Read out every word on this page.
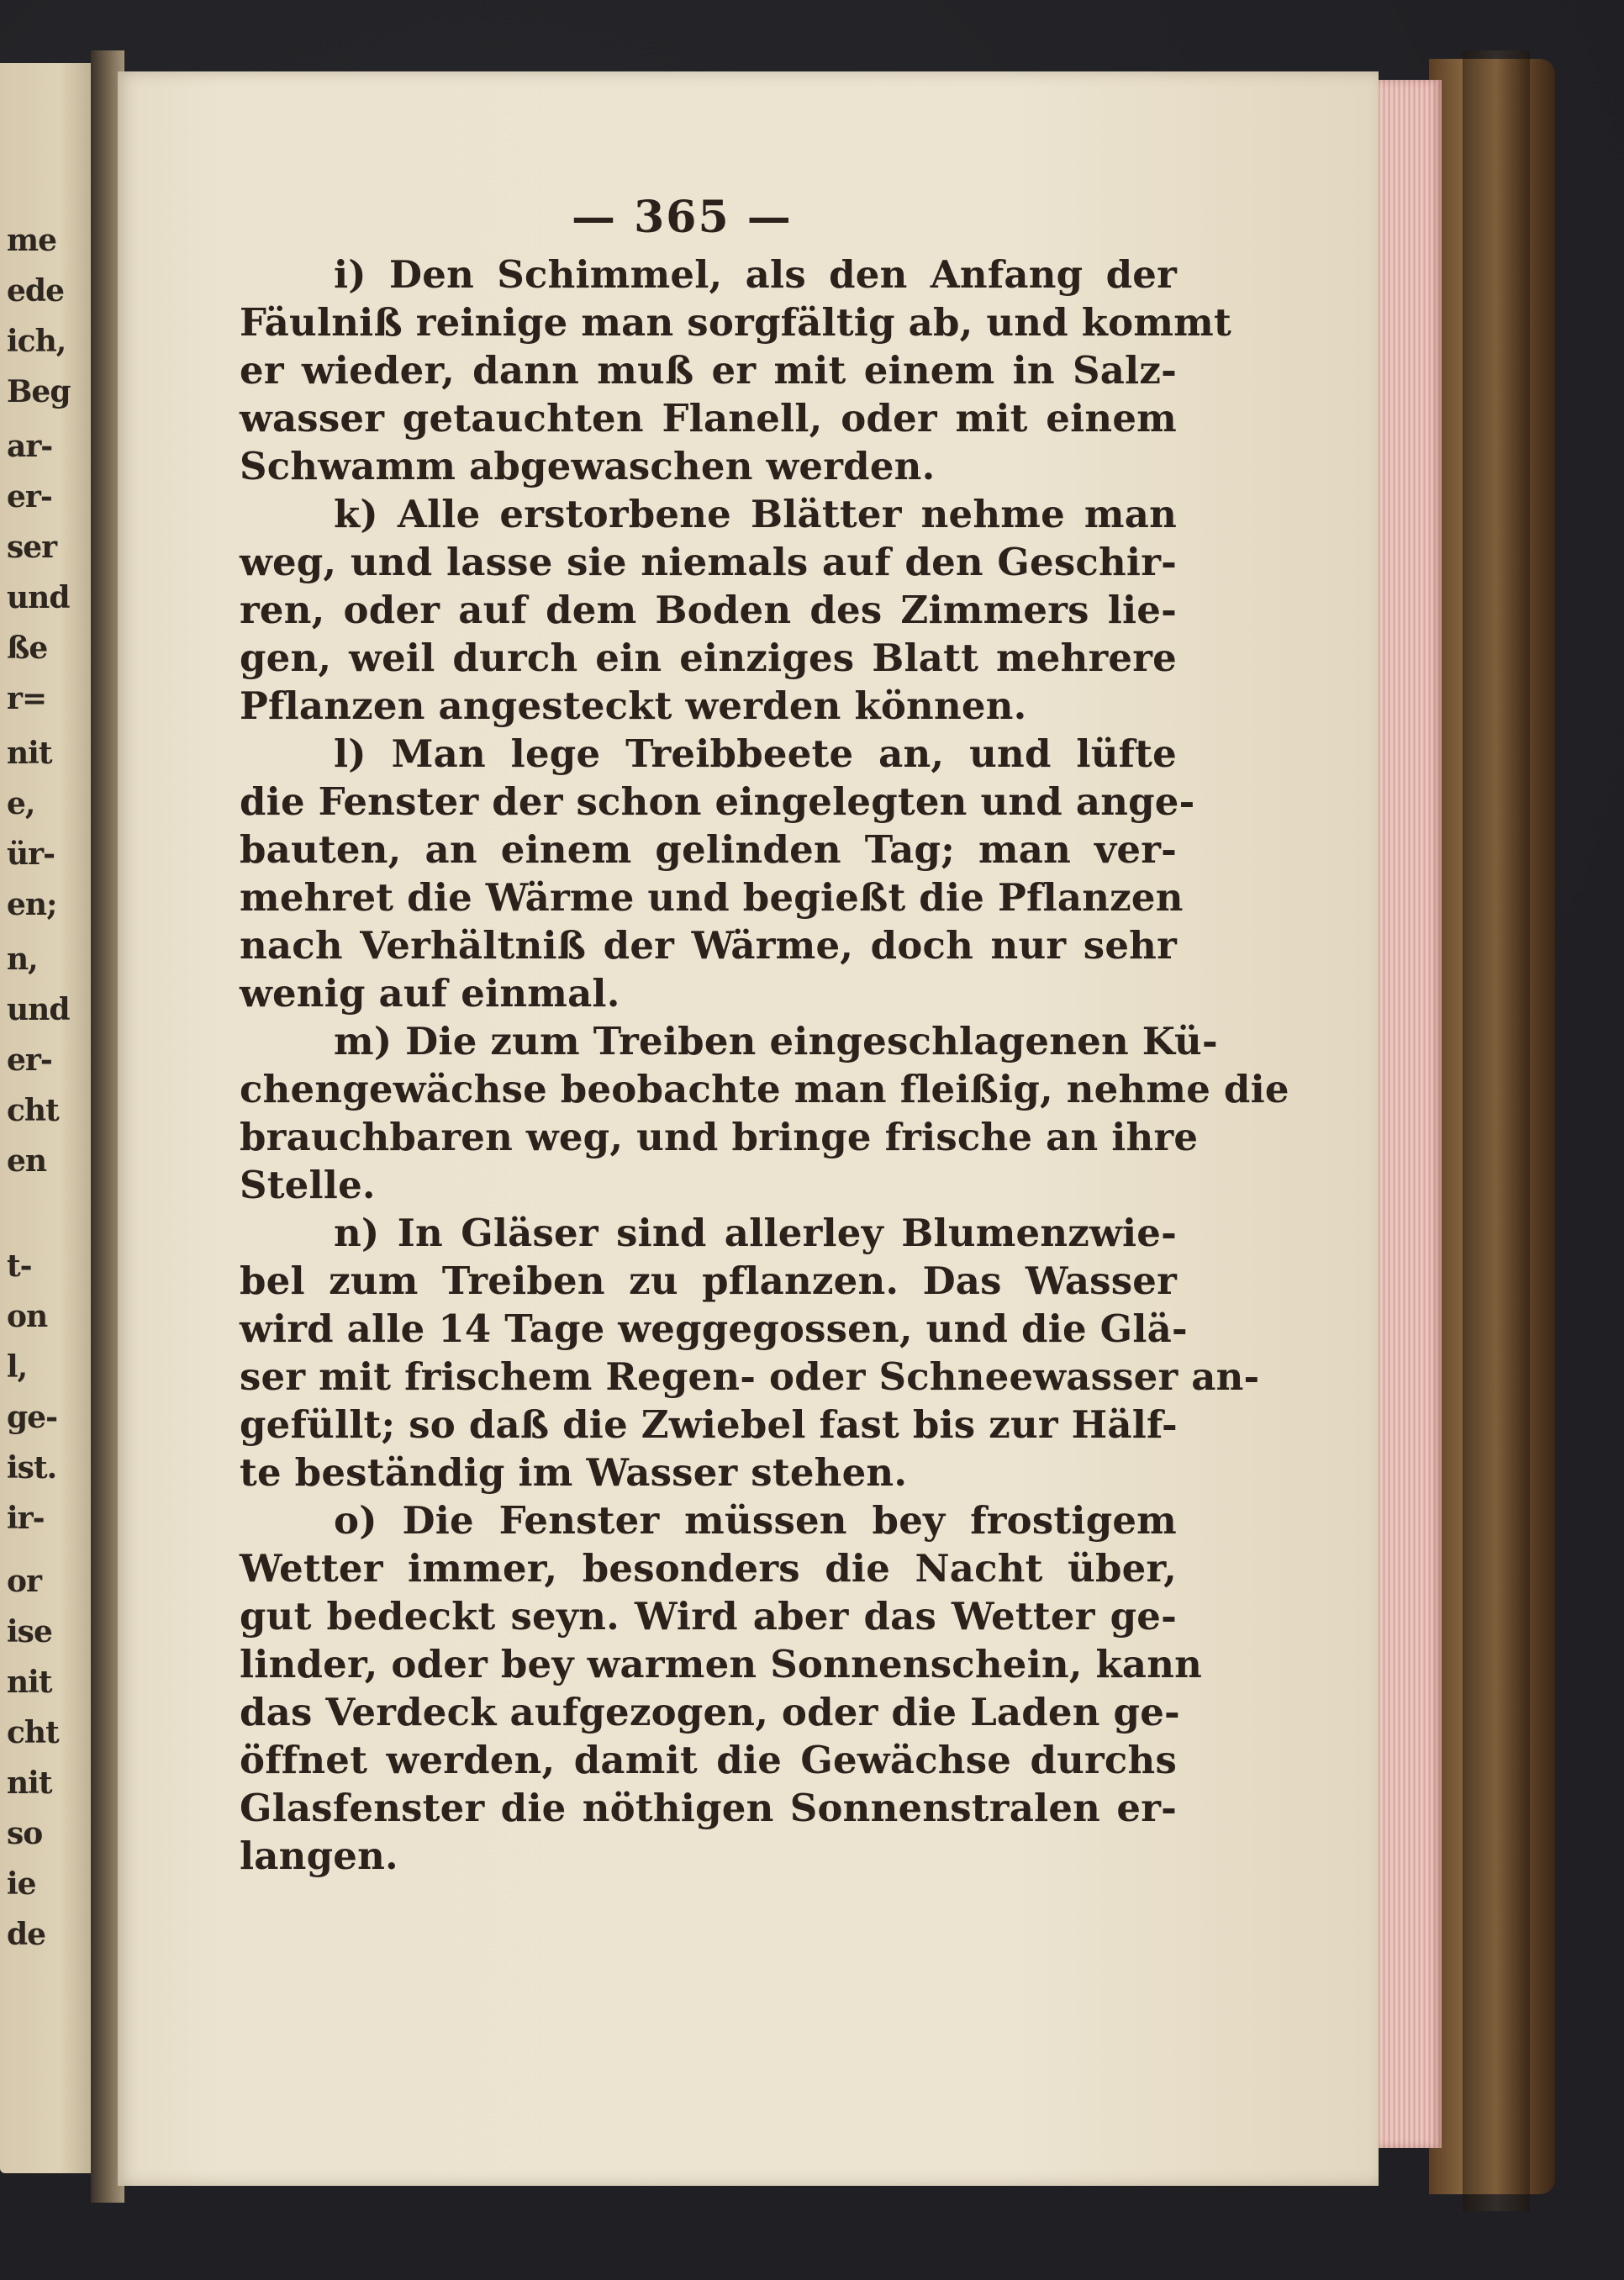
me
ede
ich,
Beg
ar-
er-
ser
und
ße
r=
nit
e,
ür-
en;
n,
und
er-
cht
en
t-
on
l,
ge-
ist.
ir-
or
ise
nit
cht
nit
so
ie
de

— 365 —
i) Den Schimmel, als den Anfang der
Fäulniß reinige man sorgfältig ab, und kommt
er wieder, dann muß er mit einem in Salz-
wasser getauchten Flanell, oder mit einem
Schwamm abgewaschen werden.
k) Alle erstorbene Blätter nehme man
weg, und lasse sie niemals auf den Geschir-
ren, oder auf dem Boden des Zimmers lie-
gen, weil durch ein einziges Blatt mehrere
Pflanzen angesteckt werden können.
l) Man lege Treibbeete an, und lüfte
die Fenster der schon eingelegten und ange-
bauten, an einem gelinden Tag; man ver-
mehret die Wärme und begießt die Pflanzen
nach Verhältniß der Wärme, doch nur sehr
wenig auf einmal.
m) Die zum Treiben eingeschlagenen Kü-
chengewächse beobachte man fleißig, nehme die
brauchbaren weg, und bringe frische an ihre
Stelle.
n) In Gläser sind allerley Blumenzwie-
bel zum Treiben zu pflanzen. Das Wasser
wird alle 14 Tage weggegossen, und die Glä-
ser mit frischem Regen- oder Schneewasser an-
gefüllt; so daß die Zwiebel fast bis zur Hälf-
te beständig im Wasser stehen.
o) Die Fenster müssen bey frostigem
Wetter immer, besonders die Nacht über,
gut bedeckt seyn. Wird aber das Wetter ge-
linder, oder bey warmen Sonnenschein, kann
das Verdeck aufgezogen, oder die Laden ge-
öffnet werden, damit die Gewächse durchs
Glasfenster die nöthigen Sonnenstralen er-
langen.
